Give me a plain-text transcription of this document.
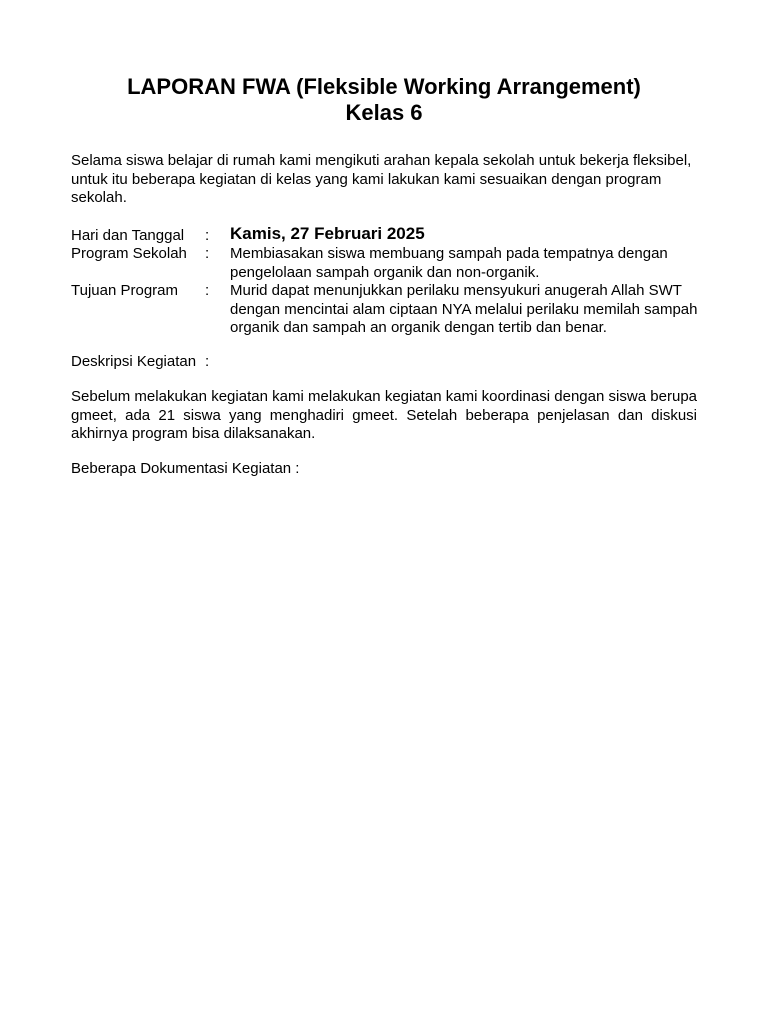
LAPORAN FWA (Fleksible Working Arrangement)
Kelas 6
Selama siswa belajar di rumah kami mengikuti arahan kepala sekolah untuk bekerja fleksibel, untuk itu beberapa kegiatan di kelas yang kami lakukan kami sesuaikan dengan program sekolah.
Hari dan Tanggal : Kamis, 27 Februari 2025
Program Sekolah : Membiasakan siswa membuang sampah pada tempatnya dengan pengelolaan sampah organik dan non-organik.
Tujuan Program : Murid dapat menunjukkan perilaku mensyukuri anugerah Allah SWT dengan mencintai alam ciptaan NYA melalui perilaku memilah sampah organik dan sampah an organik dengan tertib dan benar.
Deskripsi Kegiatan :
Sebelum melakukan kegiatan kami melakukan kegiatan kami koordinasi dengan siswa berupa gmeet, ada 21 siswa yang menghadiri gmeet. Setelah beberapa penjelasan dan diskusi akhirnya program bisa dilaksanakan.
Beberapa Dokumentasi Kegiatan :
